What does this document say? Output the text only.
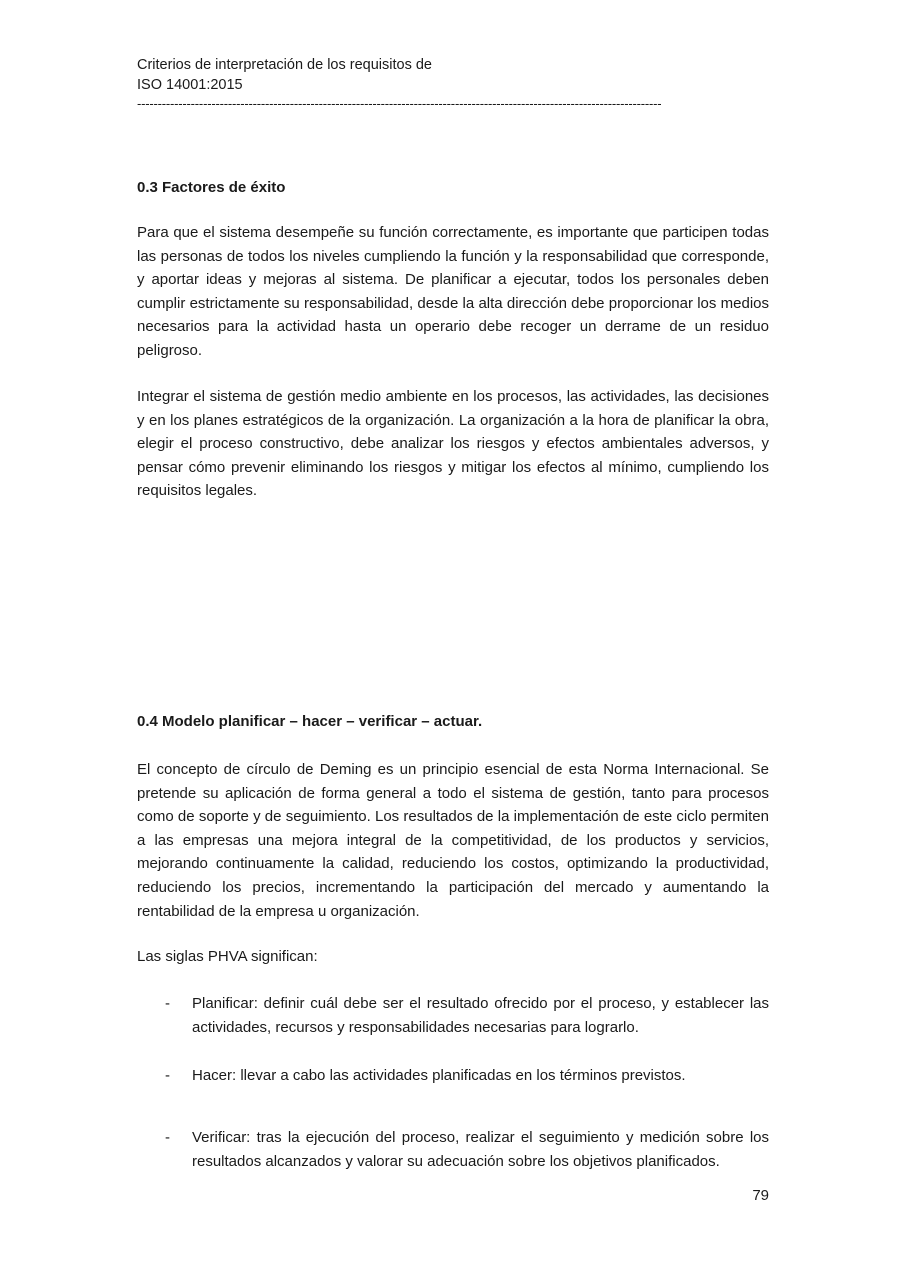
Criterios de interpretación de los requisitos de
ISO 14001:2015
-------------------------------------------------------------------------------------------------------------------------------
0.3 Factores de éxito
Para que el sistema desempeñe su función correctamente, es importante que participen todas las personas de todos los niveles cumpliendo la función y la responsabilidad que corresponde, y aportar ideas y mejoras al sistema. De planificar a ejecutar, todos los personales deben cumplir estrictamente su responsabilidad, desde la alta dirección debe proporcionar los medios necesarios para la actividad hasta un operario debe recoger un derrame de un residuo peligroso.
Integrar el sistema de gestión medio ambiente en los procesos, las actividades, las decisiones y en los planes estratégicos de la organización. La organización a la hora de planificar la obra, elegir el proceso constructivo, debe analizar los riesgos y efectos ambientales adversos, y pensar cómo prevenir eliminando los riesgos y mitigar los efectos al mínimo, cumpliendo los requisitos legales.
0.4 Modelo planificar – hacer – verificar – actuar.
El concepto de círculo de Deming es un principio esencial de esta Norma Internacional. Se pretende su aplicación de forma general a todo el sistema de gestión, tanto para procesos como de soporte y de seguimiento. Los resultados de la implementación de este ciclo permiten a las empresas una mejora integral de la competitividad, de los productos y servicios, mejorando continuamente la calidad, reduciendo los costos, optimizando la productividad, reduciendo los precios, incrementando la participación del mercado y aumentando la rentabilidad de la empresa u organización.
Las siglas PHVA significan:
- Planificar: definir cuál debe ser el resultado ofrecido por el proceso, y establecer las actividades, recursos y responsabilidades necesarias para lograrlo.
- Hacer: llevar a cabo las actividades planificadas en los términos previstos.
- Verificar: tras la ejecución del proceso, realizar el seguimiento y medición sobre los resultados alcanzados y valorar su adecuación sobre los objetivos planificados.
79
